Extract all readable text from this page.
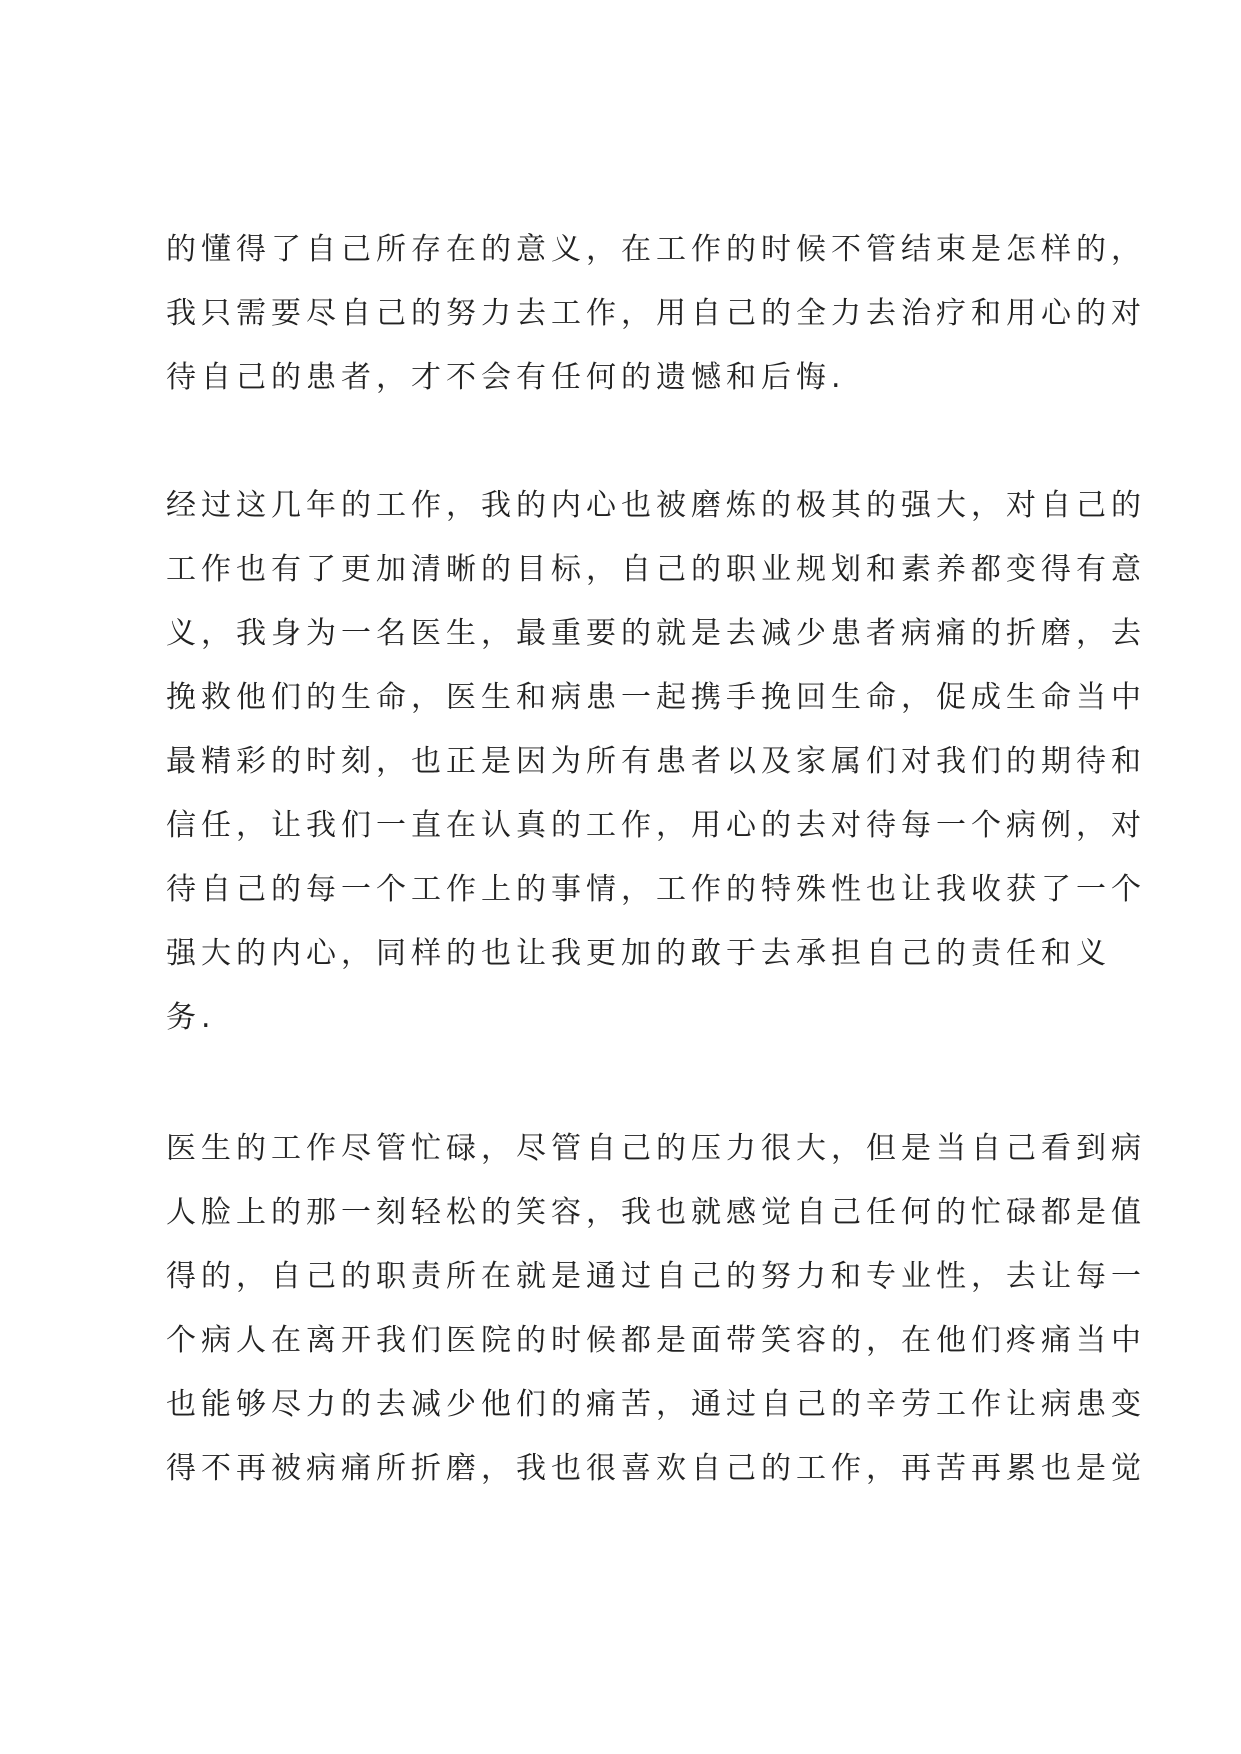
的懂得了自己所存在的意义，在工作的时候不管结束是怎样的，
我只需要尽自己的努力去工作，用自己的全力去治疗和用心的对
待自己的患者，才不会有任何的遗憾和后悔.
经过这几年的工作，我的内心也被磨炼的极其的强大，对自己的
工作也有了更加清晰的目标，自己的职业规划和素养都变得有意
义，我身为一名医生，最重要的就是去减少患者病痛的折磨，去
挽救他们的生命，医生和病患一起携手挽回生命，促成生命当中
最精彩的时刻，也正是因为所有患者以及家属们对我们的期待和
信任，让我们一直在认真的工作，用心的去对待每一个病例，对
待自己的每一个工作上的事情，工作的特殊性也让我收获了一个
强大的内心，同样的也让我更加的敢于去承担自己的责任和义
务.
医生的工作尽管忙碌，尽管自己的压力很大，但是当自己看到病
人脸上的那一刻轻松的笑容，我也就感觉自己任何的忙碌都是值
得的，自己的职责所在就是通过自己的努力和专业性，去让每一
个病人在离开我们医院的时候都是面带笑容的，在他们疼痛当中
也能够尽力的去减少他们的痛苦，通过自己的辛劳工作让病患变
得不再被病痛所折磨，我也很喜欢自己的工作，再苦再累也是觉
